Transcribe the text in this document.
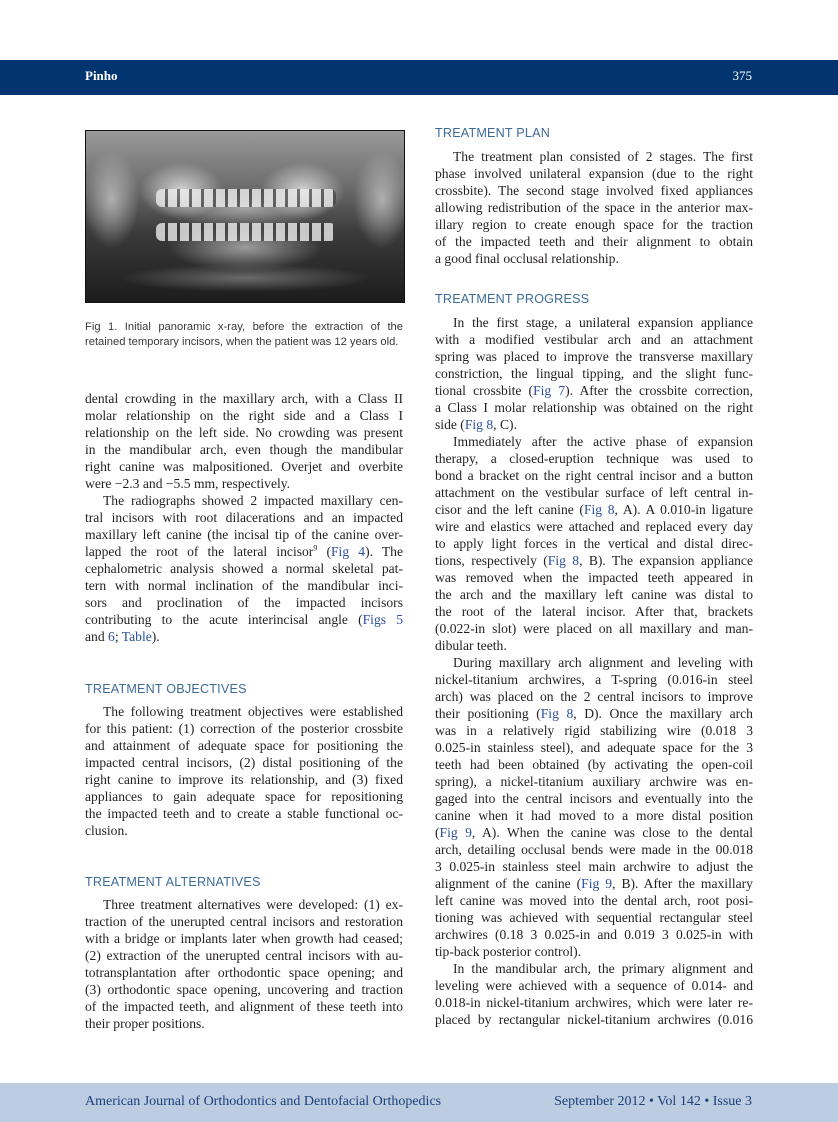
Pinho	375
Fig 1. Initial panoramic x-ray, before the extraction of the retained temporary incisors, when the patient was 12 years old.
dental crowding in the maxillary arch, with a Class II
molar relationship on the right side and a Class I
relationship on the left side. No crowding was present
in the mandibular arch, even though the mandibular
right canine was malpositioned. Overjet and overbite
were −2.3 and −5.5 mm, respectively.
The radiographs showed 2 impacted maxillary cen-
tral incisors with root dilacerations and an impacted
maxillary left canine (the incisal tip of the canine over-
lapped the root of the lateral incisor$^9$ (Fig 4). The
cephalometric analysis showed a normal skeletal pat-
tern with normal inclination of the mandibular inci-
sors and proclination of the impacted incisors
contributing to the acute interincisal angle (Figs 5
and 6; Table).
TREATMENT OBJECTIVES
The following treatment objectives were established
for this patient: (1) correction of the posterior crossbite
and attainment of adequate space for positioning the
impacted central incisors, (2) distal positioning of the
right canine to improve its relationship, and (3) fixed
appliances to gain adequate space for repositioning
the impacted teeth and to create a stable functional oc-
clusion.
TREATMENT ALTERNATIVES
Three treatment alternatives were developed: (1) ex-
traction of the unerupted central incisors and restoration
with a bridge or implants later when growth had ceased;
(2) extraction of the unerupted central incisors with au-
totransplantation after orthodontic space opening; and
(3) orthodontic space opening, uncovering and traction
of the impacted teeth, and alignment of these teeth into
their proper positions.
TREATMENT PLAN
The treatment plan consisted of 2 stages. The first
phase involved unilateral expansion (due to the right
crossbite). The second stage involved fixed appliances
allowing redistribution of the space in the anterior max-
illary region to create enough space for the traction
of the impacted teeth and their alignment to obtain
a good final occlusal relationship.
TREATMENT PROGRESS
In the first stage, a unilateral expansion appliance
with a modified vestibular arch and an attachment
spring was placed to improve the transverse maxillary
constriction, the lingual tipping, and the slight func-
tional crossbite (Fig 7). After the crossbite correction,
a Class I molar relationship was obtained on the right
side (Fig 8, C).
Immediately after the active phase of expansion
therapy, a closed-eruption technique was used to
bond a bracket on the right central incisor and a button
attachment on the vestibular surface of left central in-
cisor and the left canine (Fig 8, A). A 0.010-in ligature
wire and elastics were attached and replaced every day
to apply light forces in the vertical and distal direc-
tions, respectively (Fig 8, B). The expansion appliance
was removed when the impacted teeth appeared in
the arch and the maxillary left canine was distal to
the root of the lateral incisor. After that, brackets
(0.022-in slot) were placed on all maxillary and man-
dibular teeth.
During maxillary arch alignment and leveling with
nickel-titanium archwires, a T-spring (0.016-in steel
arch) was placed on the 2 central incisors to improve
their positioning (Fig 8, D). Once the maxillary arch
was in a relatively rigid stabilizing wire (0.018 3
0.025-in stainless steel), and adequate space for the 3
teeth had been obtained (by activating the open-coil
spring), a nickel-titanium auxiliary archwire was en-
gaged into the central incisors and eventually into the
canine when it had moved to a more distal position
(Fig 9, A). When the canine was close to the dental
arch, detailing occlusal bends were made in the 00.018
3 0.025-in stainless steel main archwire to adjust the
alignment of the canine (Fig 9, B). After the maxillary
left canine was moved into the dental arch, root posi-
tioning was achieved with sequential rectangular steel
archwires (0.18 3 0.025-in and 0.019 3 0.025-in with
tip-back posterior control).
In the mandibular arch, the primary alignment and
leveling were achieved with a sequence of 0.014- and
0.018-in nickel-titanium archwires, which were later re-
placed by rectangular nickel-titanium archwires (0.016
American Journal of Orthodontics and Dentofacial Orthopedics	September 2012 • Vol 142 • Issue 3
